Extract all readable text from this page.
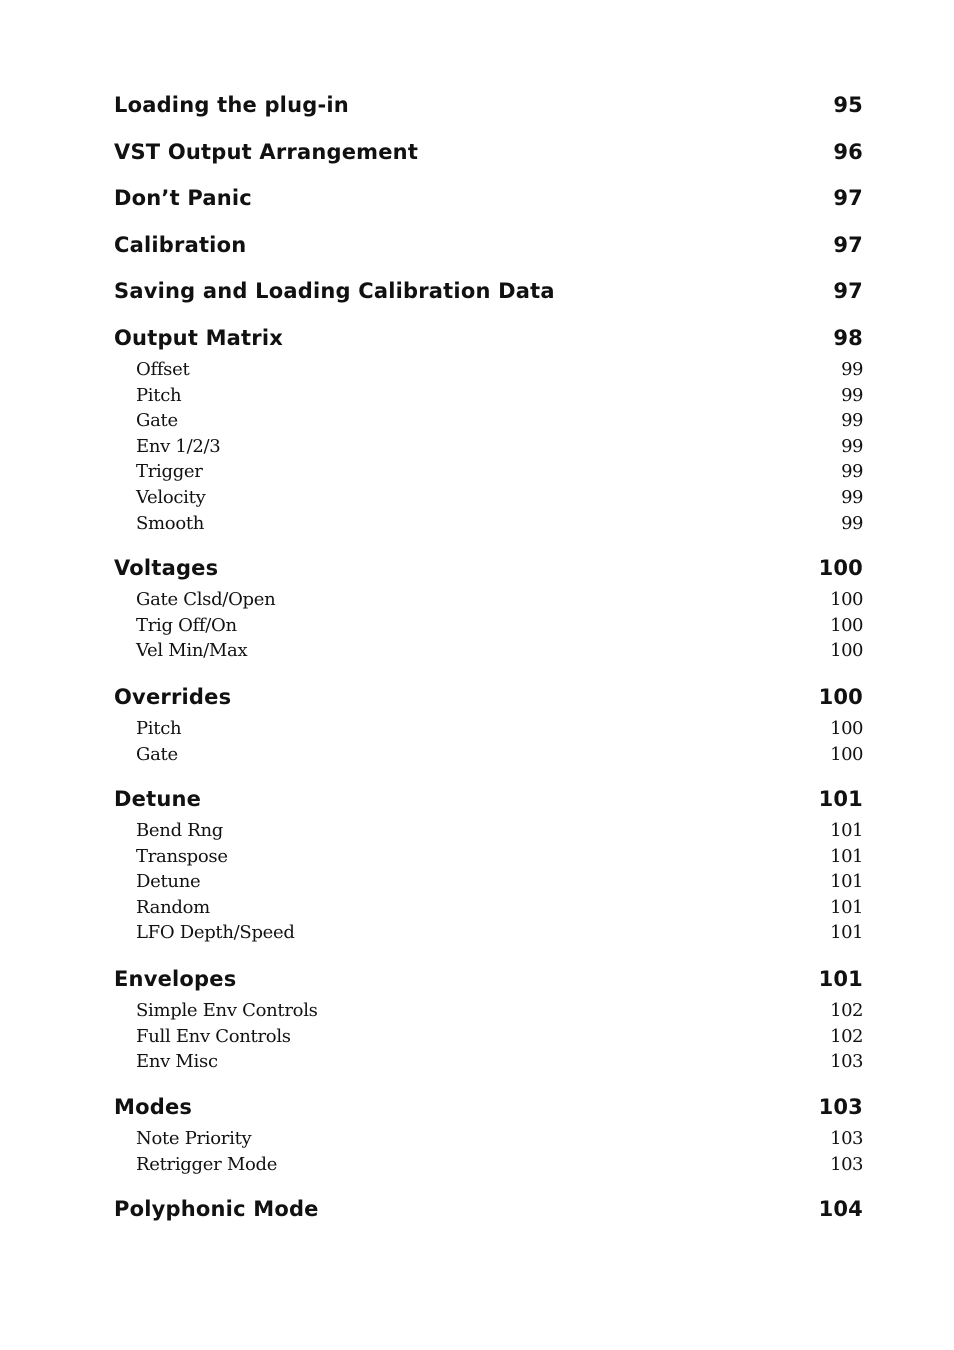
Loading the plug-in	95
VST Output Arrangement	96
Don’t Panic	97
Calibration	97
Saving and Loading Calibration Data	97
Output Matrix	98
Offset	99
Pitch	99
Gate	99
Env 1/2/3	99
Trigger	99
Velocity	99
Smooth	99
Voltages	100
Gate Clsd/Open	100
Trig Off/On	100
Vel Min/Max	100
Overrides	100
Pitch	100
Gate	100
Detune	101
Bend Rng	101
Transpose	101
Detune	101
Random	101
LFO Depth/Speed	101
Envelopes	101
Simple Env Controls	102
Full Env Controls	102
Env Misc	103
Modes	103
Note Priority	103
Retrigger Mode	103
Polyphonic Mode	104
